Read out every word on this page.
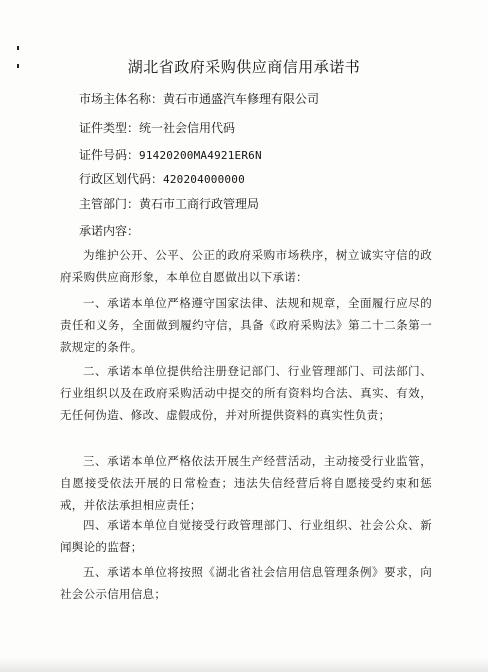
湖北省政府采购供应商信用承诺书
市场主体名称：黄石市通盛汽车修理有限公司
证件类型：统一社会信用代码
证件号码：91420200MA4921ER6N
行政区划代码：420204000000
主管部门：黄石市工商行政管理局
承诺内容：
为维护公开、公平、公正的政府采购市场秩序，树立诚实守信的政府采购供应商形象，本单位自愿做出以下承诺：
一、承诺本单位严格遵守国家法律、法规和规章，全面履行应尽的责任和义务，全面做到履约守信，具备《政府采购法》第二十二条第一款规定的条件。
二、承诺本单位提供给注册登记部门、行业管理部门、司法部门、行业组织以及在政府采购活动中提交的所有资料均合法、真实、有效，无任何伪造、修改、虚假成份，并对所提供资料的真实性负责；
三、承诺本单位严格依法开展生产经营活动，主动接受行业监管，自愿接受依法开展的日常检查；违法失信经营后将自愿接受约束和惩戒，并依法承担相应责任；
四、承诺本单位自觉接受行政管理部门、行业组织、社会公众、新闻舆论的监督；
五、承诺本单位将按照《湖北省社会信用信息管理条例》要求，向社会公示信用信息；
